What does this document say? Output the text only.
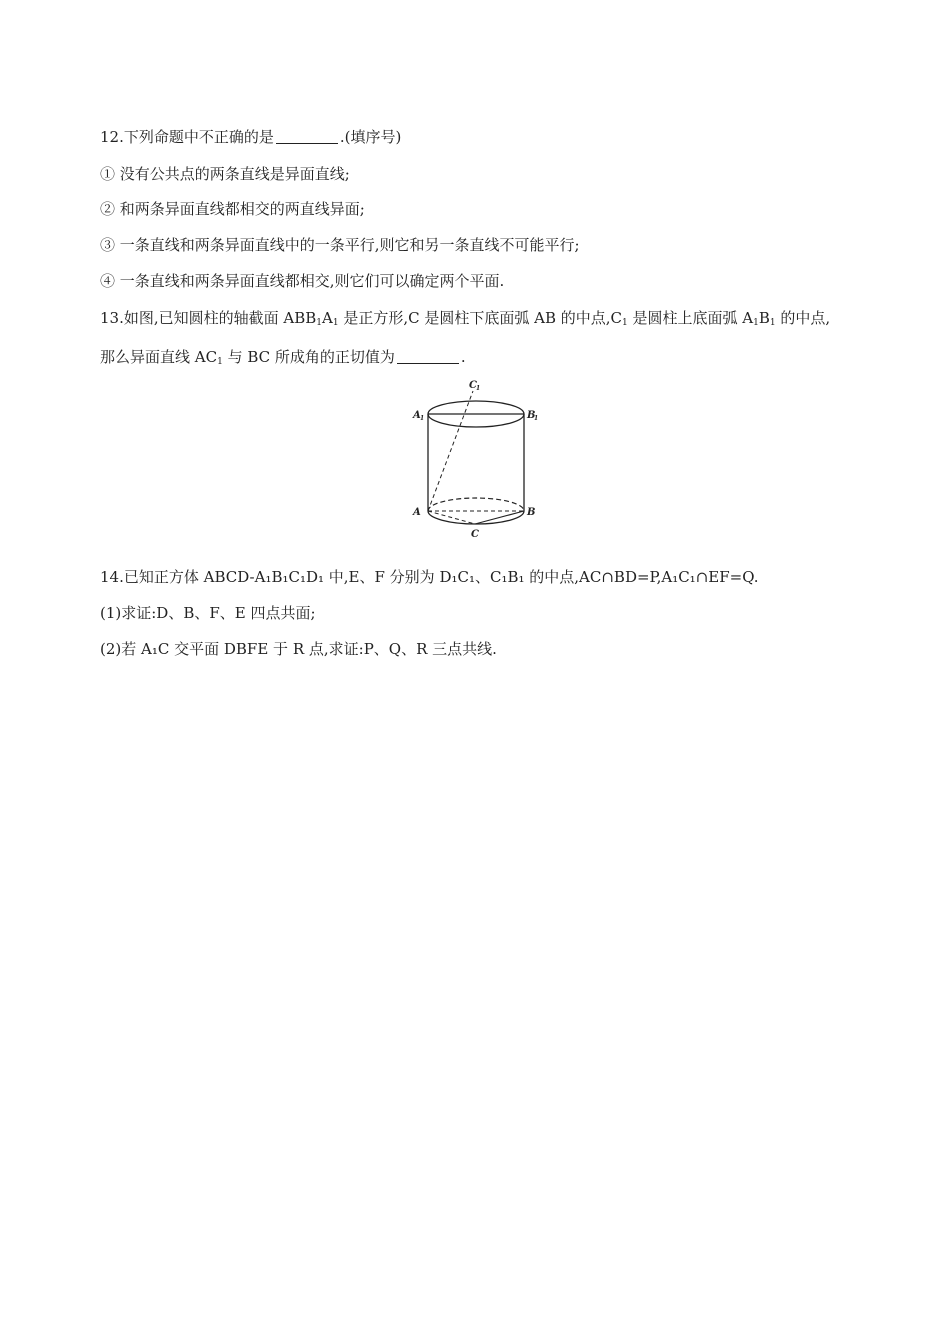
12.下列命题中不正确的是	.(填序号)
① 没有公共点的两条直线是异面直线;
② 和两条异面直线都相交的两直线异面;
③ 一条直线和两条异面直线中的一条平行,则它和另一条直线不可能平行;
④ 一条直线和两条异面直线都相交,则它们可以确定两个平面.
13.如图,已知圆柱的轴截面 $ABB_1A_1$ 是正方形,C 是圆柱下底面弧 AB 的中点$,C_1$ 是圆柱上底面弧 $A_1B_1$ 的中点,
那么异面直线 $AC_1$ 与 BC 所成角的正切值为	.
C 1
A 1	B
1
A	B
C
14.已知正方体 ABCD-A₁B₁C₁D₁ 中,E、F 分别为 D₁C₁、C₁B₁ 的中点,AC∩BD=P,A₁C₁∩EF=Q.
(1)求证:D、B、F、E 四点共面;
(2)若 A₁C 交平面 DBFE 于 R 点,求证:P、Q、R 三点共线.
